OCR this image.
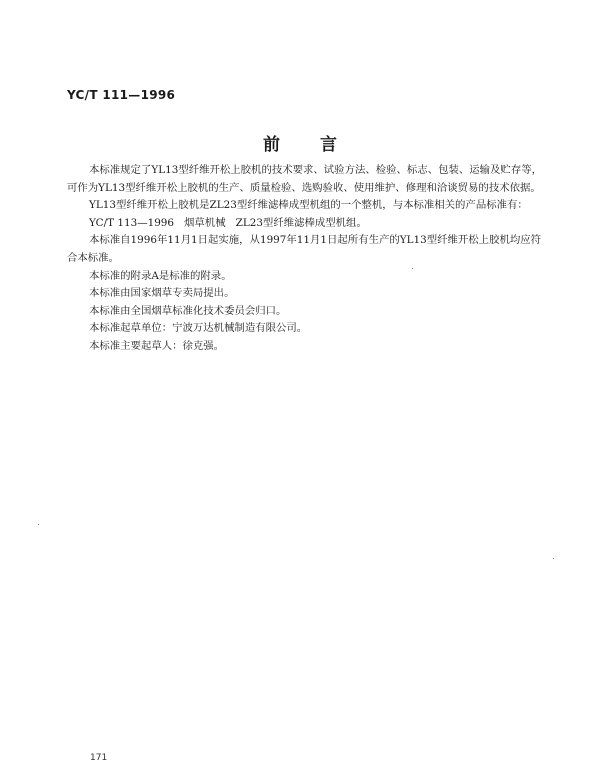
YC/T 111—1996
前言

本标准规定了YL13型纤维开松上胶机的技术要求、试验方法、检验、标志、包装、运输及贮存等，可作为YL13型纤维开松上胶机的生产、质量检验、选购验收、使用维护、修理和洽谈贸易的技术依据。

YL13型纤维开松上胶机是ZL23型纤维滤棒成型机组的一个整机，与本标准相关的产品标准有：

YC/T 113—1996 烟草机械 ZL23型纤维滤棒成型机组。

本标准自1996年11月1日起实施，从1997年11月1日起所有生产的YL13型纤维开松上胶机均应符合本标准。

本标准的附录A是标准的附录。

本标准由国家烟草专卖局提出。

本标准由全国烟草标准化技术委员会归口。

本标准起草单位：宁波万达机械制造有限公司。

本标准主要起草人：徐克强。

171
